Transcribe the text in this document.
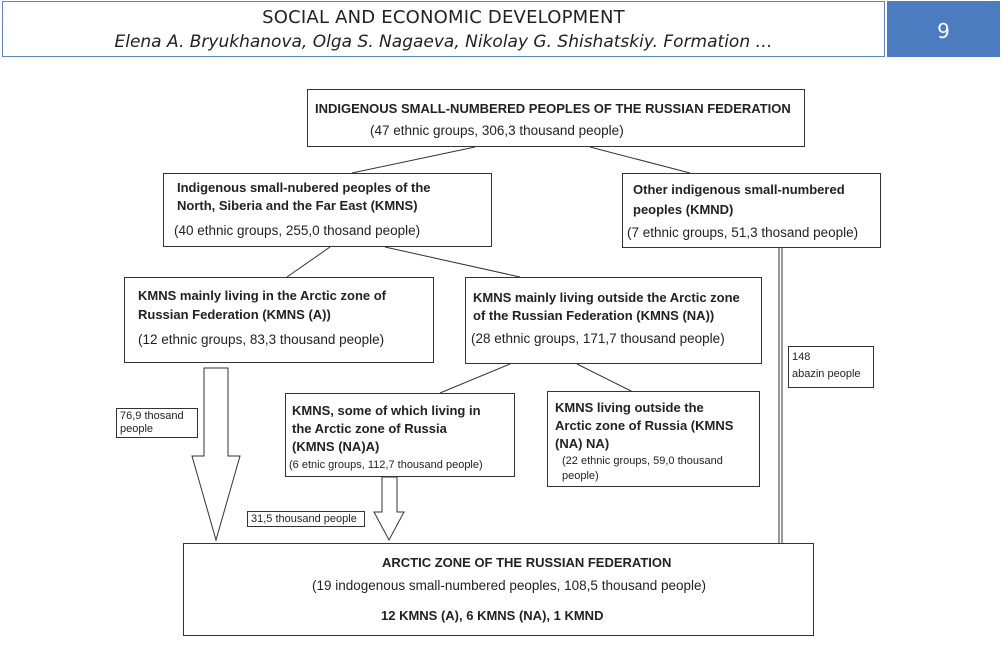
SOCIAL AND ECONOMIC DEVELOPMENT
Elena A. Bryukhanova, Olga S. Nagaeva, Nikolay G. Shishatskiy. Formation …	9
INDIGENOUS SMALL-NUMBERED PEOPLES OF THE RUSSIAN FEDERATION
(47 ethnic groups, 306,3 thousand people)
Indigenous small-nubered peoples of the
North, Siberia and the Far East (KMNS)
(40 ethnic groups, 255,0 thosand people)
Other indigenous small-numbered
peoples (KMND)
(7 ethnic groups, 51,3 thosand people)
KMNS mainly living in the Arctic zone of
Russian Federation (KMNS (A))
(12 ethnic groups, 83,3 thousand people)
KMNS mainly living outside the Arctic zone
of the Russian Federation (KMNS (NA))
(28 ethnic groups, 171,7 thousand people)
KMNS, some of which living in
the Arctic zone of Russia
(KMNS (NA)A)
(6 etnic groups, 112,7 thousand people)
KMNS living outside the
Arctic zone of Russia (KMNS
(NA) NA)
(22 ethnic groups, 59,0 thousand
people)
ARCTIC ZONE OF THE RUSSIAN FEDERATION
(19 indogenous small-numbered peoples, 108,5 thousand people)
12 KMNS (A), 6 KMNS (NA), 1 KMND
76,9 thosand
people
31,5 thousand people
148
abazin people
